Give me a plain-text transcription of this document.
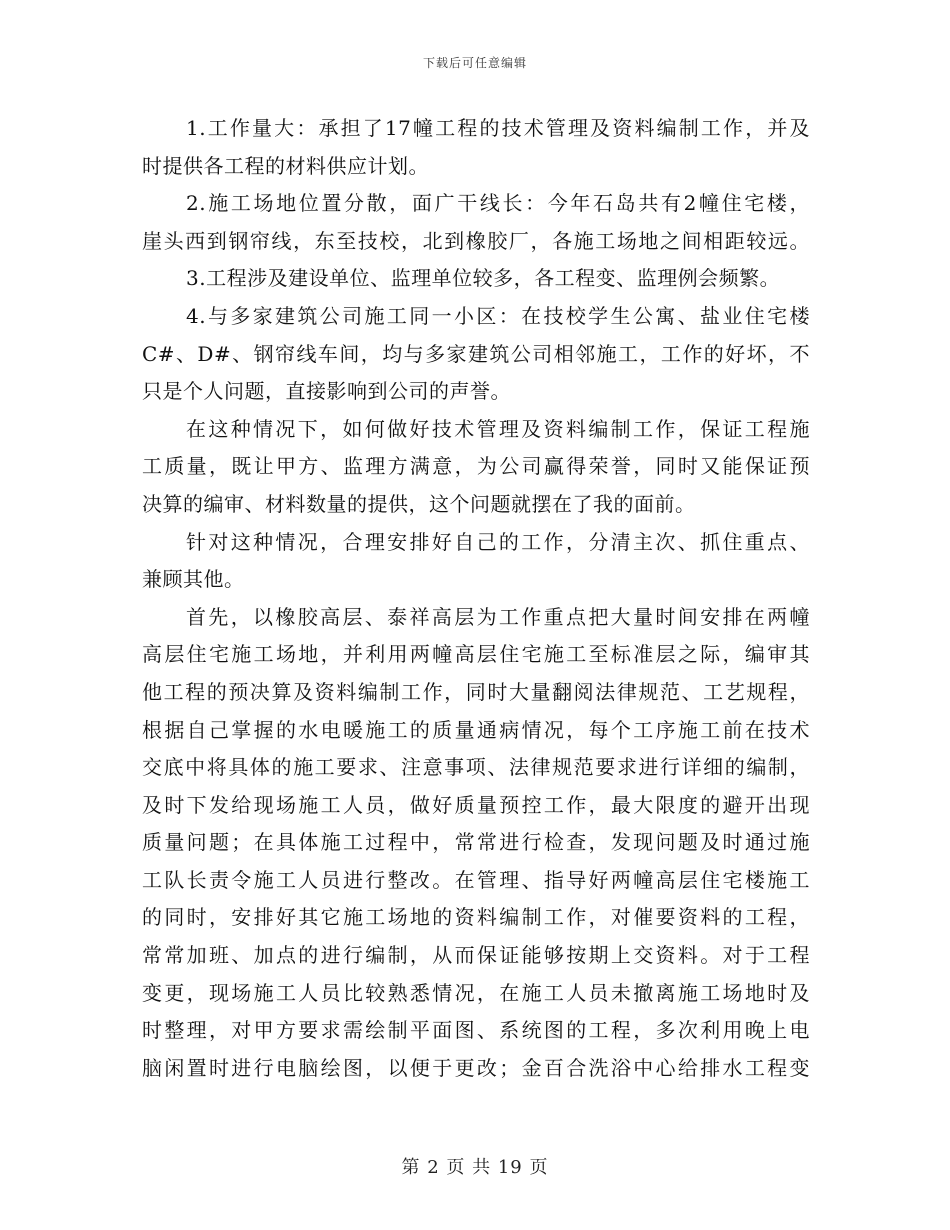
下载后可任意编辑
1.工作量大：承担了17幢工程的技术管理及资料编制工作，并及
时提供各工程的材料供应计划。
2.施工场地位置分散，面广干线长：今年石岛共有2幢住宅楼，
崖头西到钢帘线，东至技校，北到橡胶厂，各施工场地之间相距较远。
3.工程涉及建设单位、监理单位较多，各工程变、监理例会频繁。
4.与多家建筑公司施工同一小区：在技校学生公寓、盐业住宅楼
C#、D#、钢帘线车间，均与多家建筑公司相邻施工，工作的好坏，不
只是个人问题，直接影响到公司的声誉。
在这种情况下，如何做好技术管理及资料编制工作，保证工程施
工质量，既让甲方、监理方满意，为公司赢得荣誉，同时又能保证预
决算的编审、材料数量的提供，这个问题就摆在了我的面前。
针对这种情况，合理安排好自己的工作，分清主次、抓住重点、
兼顾其他。
首先，以橡胶高层、泰祥高层为工作重点把大量时间安排在两幢
高层住宅施工场地，并利用两幢高层住宅施工至标准层之际，编审其
他工程的预决算及资料编制工作，同时大量翻阅法律规范、工艺规程，
根据自己掌握的水电暖施工的质量通病情况，每个工序施工前在技术
交底中将具体的施工要求、注意事项、法律规范要求进行详细的编制，
及时下发给现场施工人员，做好质量预控工作，最大限度的避开出现
质量问题；在具体施工过程中，常常进行检查，发现问题及时通过施
工队长责令施工人员进行整改。在管理、指导好两幢高层住宅楼施工
的同时，安排好其它施工场地的资料编制工作，对催要资料的工程，
常常加班、加点的进行编制，从而保证能够按期上交资料。对于工程
变更，现场施工人员比较熟悉情况，在施工人员未撤离施工场地时及
时整理，对甲方要求需绘制平面图、系统图的工程，多次利用晚上电
脑闲置时进行电脑绘图，以便于更改；金百合洗浴中心给排水工程变
第 2 页 共 19 页
